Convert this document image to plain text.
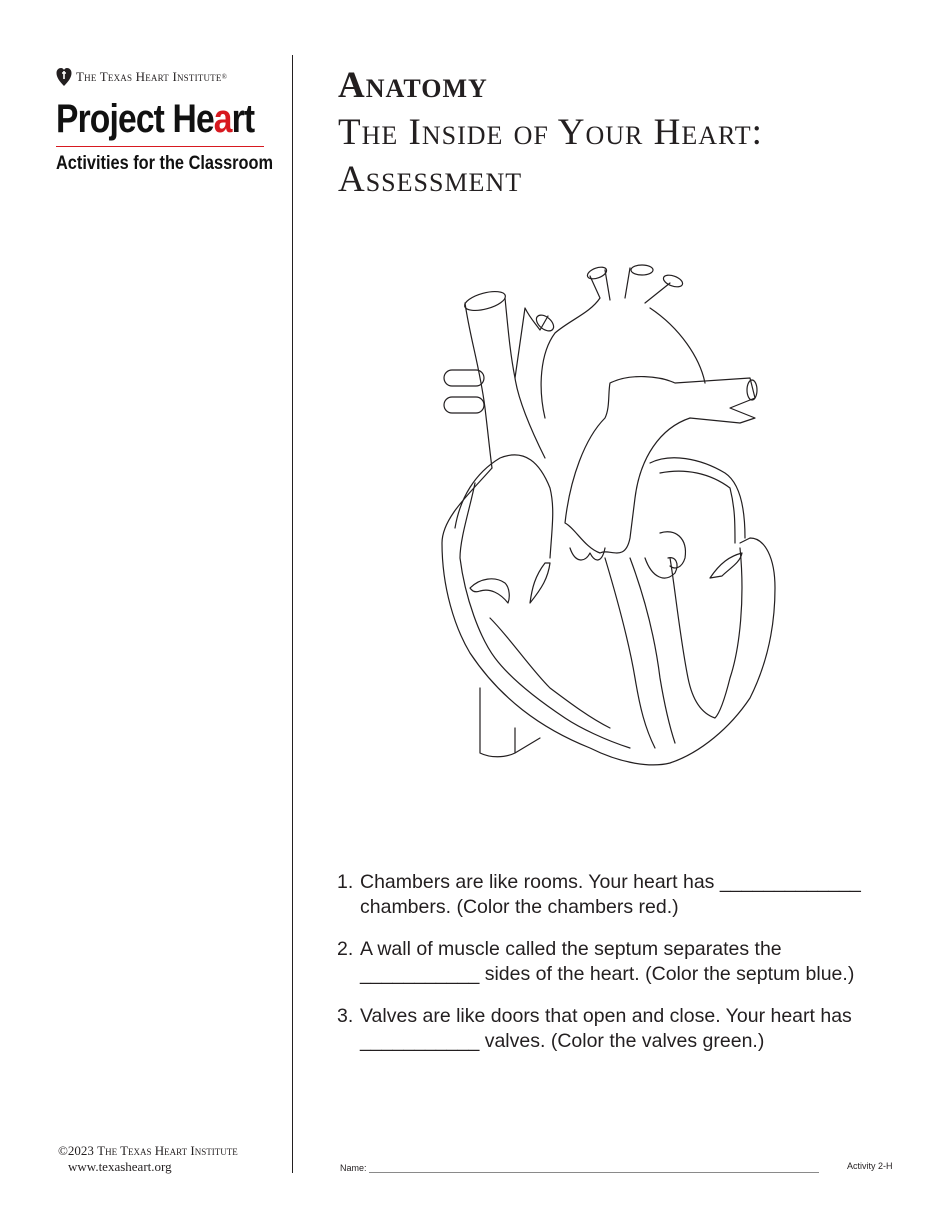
The Texas Heart Institute ®
Project Heart
Activities for the Classroom
Anatomy
The Inside of Your Heart:
Assessment
1. Chambers are like rooms. Your heart has _____________
chambers. (Color the chambers red.)
2. A wall of muscle called the septum separates the
___________ sides of the heart. (Color the septum blue.)
3. Valves are like doors that open and close. Your heart has
___________ valves. (Color the valves green.)
©2023 The Texas Heart Institute
www.texasheart.org	Name:	Activity 2-H
